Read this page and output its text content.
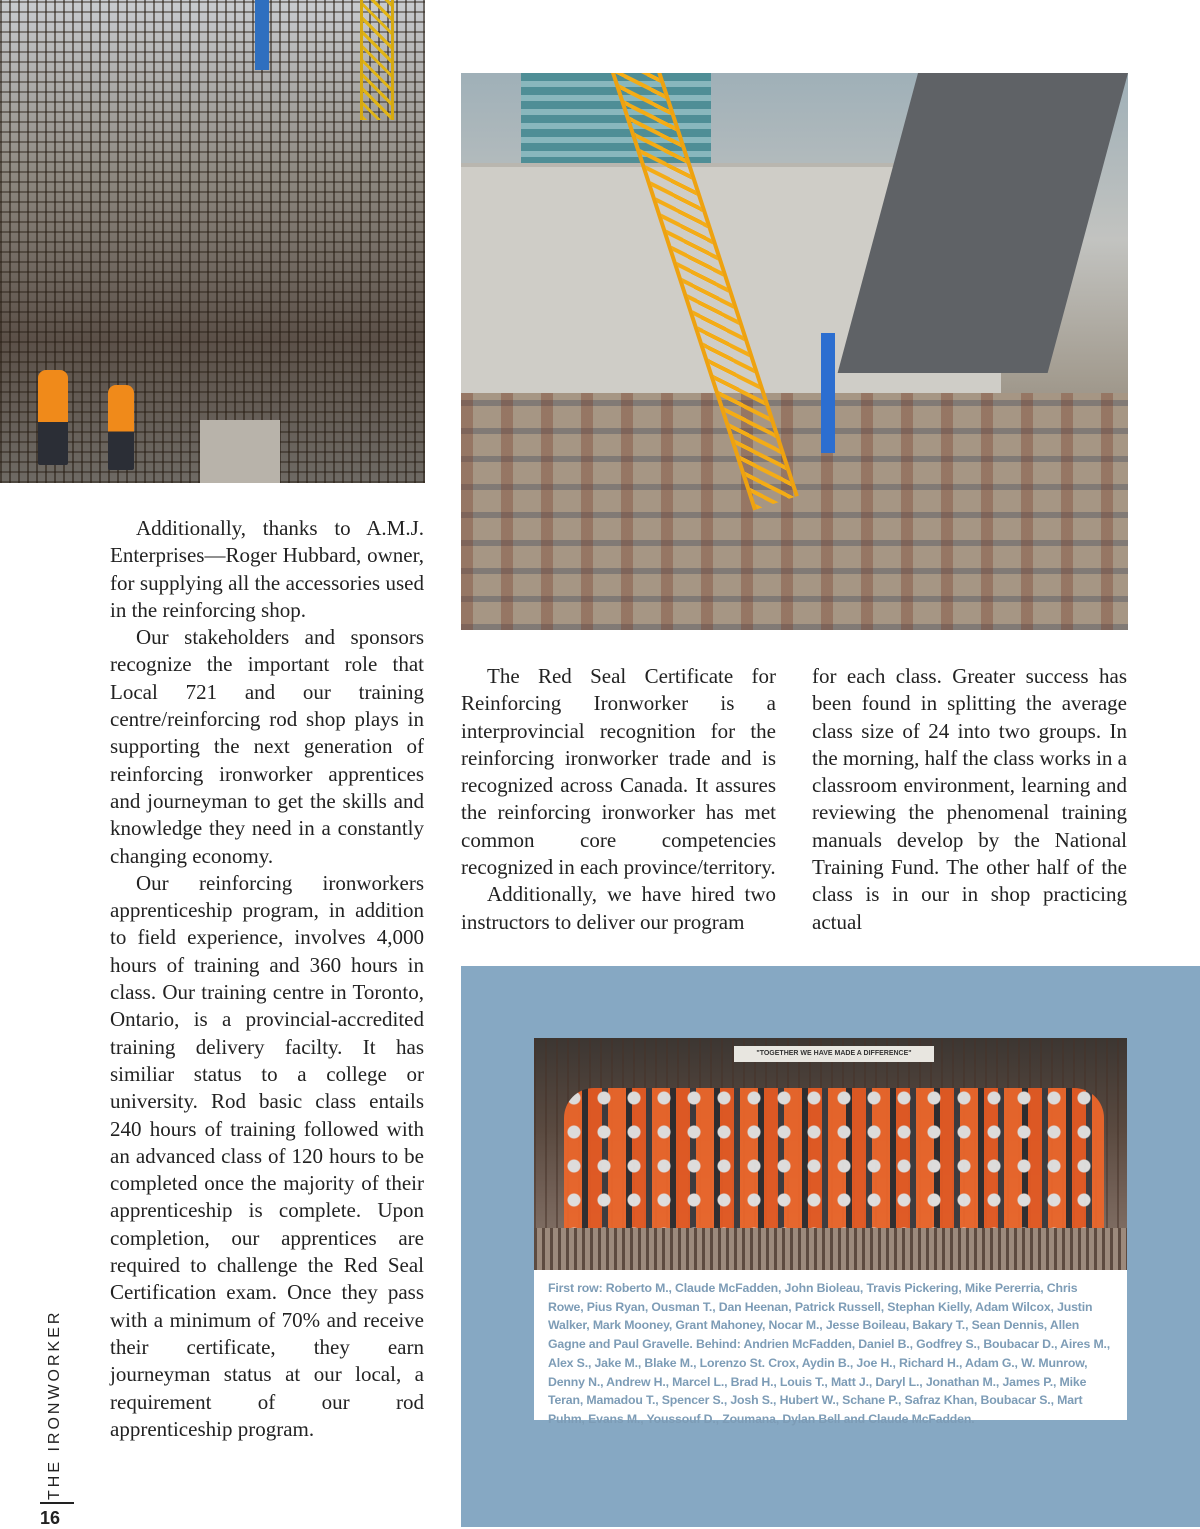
Additionally, thanks to A.M.J. Enterprises—Roger Hubbard, owner, for supplying all the accessories used in the reinforcing shop.

Our stakeholders and sponsors recognize the important role that Local 721 and our training centre/reinforcing rod shop plays in supporting the next generation of reinforcing ironworker apprentices and journeyman to get the skills and knowledge they need in a constantly changing economy.

Our reinforcing ironworkers apprenticeship program, in addition to field experience, involves 4,000 hours of training and 360 hours in class. Our training centre in Toronto, Ontario, is a provincial-accredited training delivery facilty. It has similiar status to a college or university. Rod basic class entails 240 hours of training followed with an advanced class of 120 hours to be completed once the majority of their apprenticeship is complete. Upon completion, our apprentices are required to challenge the Red Seal Certification exam. Once they pass with a minimum of 70% and receive their certificate, they earn journeyman status at our local, a requirement of our rod apprenticeship program.

The Red Seal Certificate for Reinforcing Ironworker is a interprovincial recognition for the reinforcing ironworker trade and is recognized across Canada. It assures the reinforcing ironworker has met common core competencies recognized in each province/territory.

Additionally, we have hired two instructors to deliver our program

for each class. Greater success has been found in splitting the average class size of 24 into two groups. In the morning, half the class works in a classroom environment, learning and reviewing the phenomenal training manuals develop by the National Training Fund. The other half of the class is in our in shop practicing actual

"TOGETHER WE HAVE MADE A DIFFERENCE"

First row: Roberto M., Claude McFadden, John Bioleau, Travis Pickering, Mike Pererria, Chris Rowe, Pius Ryan, Ousman T., Dan Heenan, Patrick Russell, Stephan Kielly, Adam Wilcox, Justin Walker, Mark Mooney, Grant Mahoney, Nocar M., Jesse Boileau, Bakary T., Sean Dennis, Allen Gagne and Paul Gravelle. Behind: Andrien McFadden, Daniel B., Godfrey S., Boubacar D., Aires M., Alex S., Jake M., Blake M., Lorenzo St. Crox, Aydin B., Joe H., Richard H., Adam G., W. Munrow, Denny N., Andrew H., Marcel L., Brad H., Louis T., Matt J., Daryl L., Jonathan M., James P., Mike Teran, Mamadou T., Spencer S., Josh S., Hubert W., Schane P., Safraz Khan, Boubacar S., Mart Puhm, Evans M., Youssouf D., Zoumana, Dylan Bell and Claude McFadden.

THE IRONWORKER
16
